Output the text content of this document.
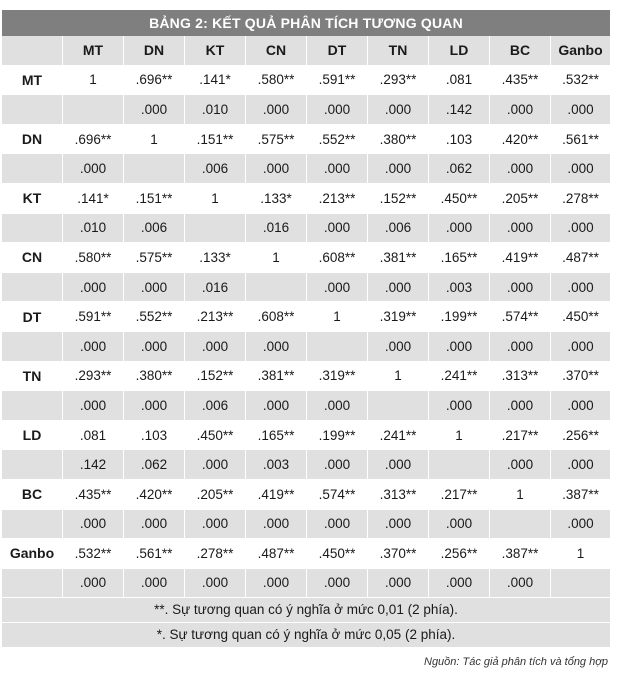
BẢNG 2: KẾT QUẢ PHÂN TÍCH TƯƠNG QUAN
	MT	DN	KT	CN	DT	TN	LD	BC	Ganbo
MT	1	.696**	.141*	.580**	.591**	.293**	.081	.435**	.532**
		.000	.010	.000	.000	.000	.142	.000	.000
DN	.696**	1	.151**	.575**	.552**	.380**	.103	.420**	.561**
	.000		.006	.000	.000	.000	.062	.000	.000
KT	.141*	.151**	1	.133*	.213**	.152**	.450**	.205**	.278**
	.010	.006		.016	.000	.006	.000	.000	.000
CN	.580**	.575**	.133*	1	.608**	.381**	.165**	.419**	.487**
	.000	.000	.016		.000	.000	.003	.000	.000
DT	.591**	.552**	.213**	.608**	1	.319**	.199**	.574**	.450**
	.000	.000	.000	.000		.000	.000	.000	.000
TN	.293**	.380**	.152**	.381**	.319**	1	.241**	.313**	.370**
	.000	.000	.006	.000	.000		.000	.000	.000
LD	.081	.103	.450**	.165**	.199**	.241**	1	.217**	.256**
	.142	.062	.000	.003	.000	.000		.000	.000
BC	.435**	.420**	.205**	.419**	.574**	.313**	.217**	1	.387**
	.000	.000	.000	.000	.000	.000	.000		.000
Ganbo	.532**	.561**	.278**	.487**	.450**	.370**	.256**	.387**	1
	.000	.000	.000	.000	.000	.000	.000	.000	
**. Sự tương quan có ý nghĩa ở mức 0,01 (2 phía).
*. Sự tương quan có ý nghĩa ở mức 0,05 (2 phía).
Nguồn: Tác giả phân tích và tổng hợp
